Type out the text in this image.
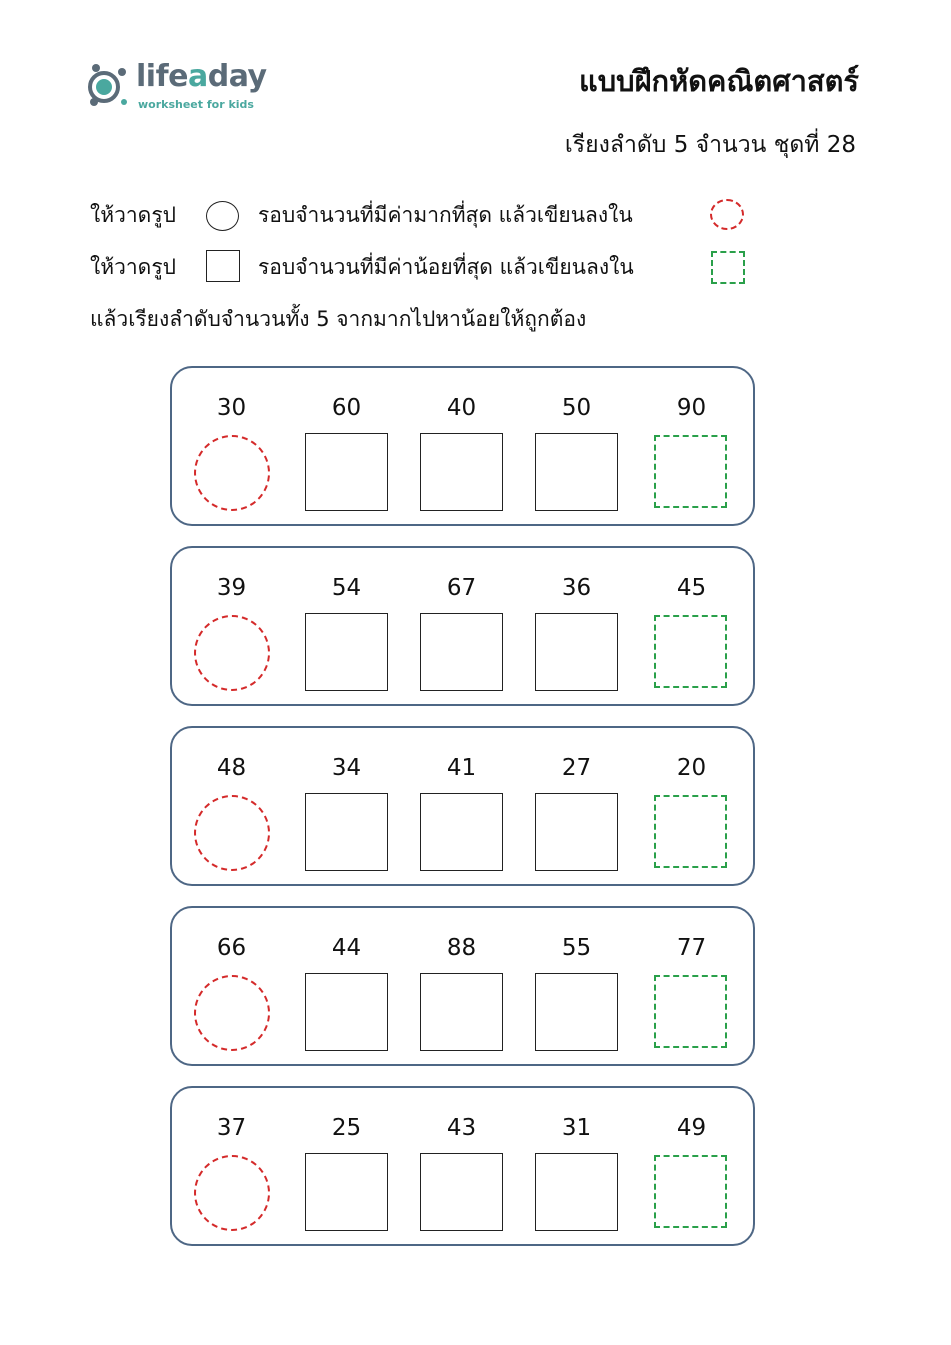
lifeaday
worksheet for kids
แบบฝึกหัดคณิตศาสตร์
เรียงลำดับ 5 จำนวน ชุดที่ 28
ให้วาดรูป	รอบจำนวนที่มีค่ามากที่สุด แล้วเขียนลงใน
ให้วาดรูป	รอบจำนวนที่มีค่าน้อยที่สุด แล้วเขียนลงใน
แล้วเรียงลำดับจำนวนทั้ง 5 จากมากไปหาน้อยให้ถูกต้อง
30	60	40	50	90
39	54	67	36	45
48	34	41	27	20
66	44	88	55	77
37	25	43	31	49
